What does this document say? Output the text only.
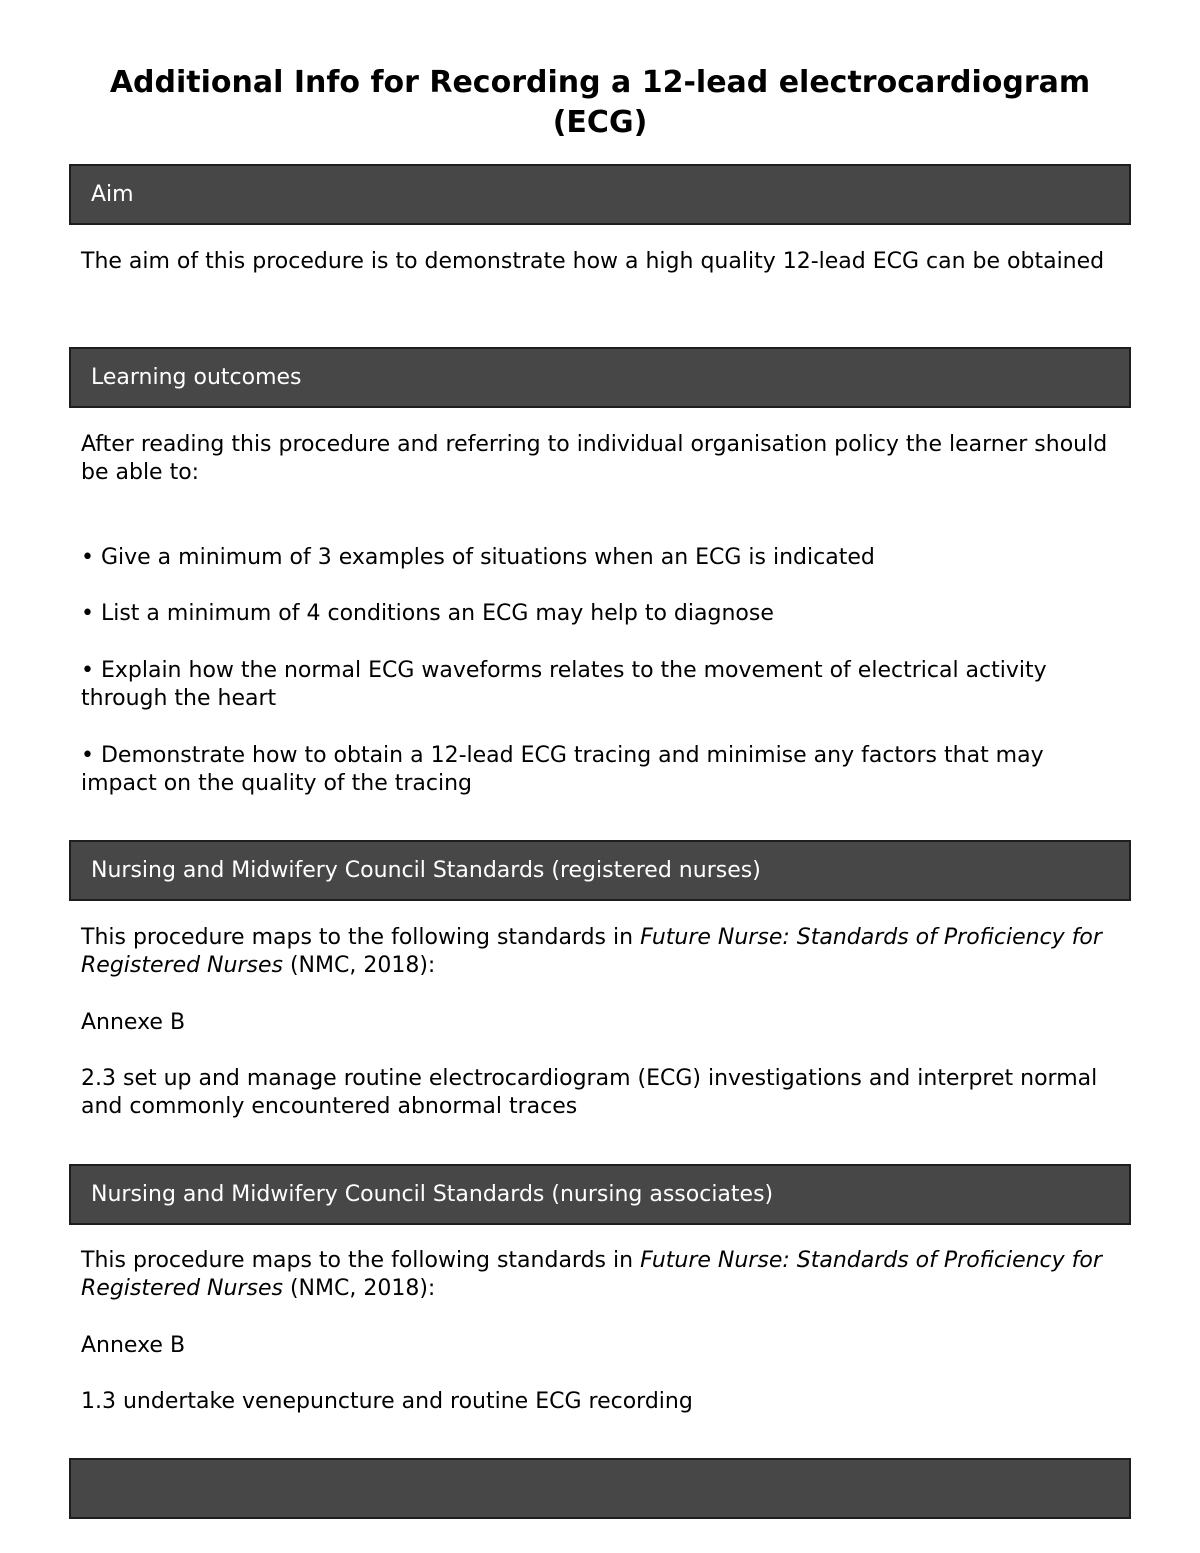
Additional Info for Recording a 12-lead electrocardiogram (ECG)
Aim

The aim of this procedure is to demonstrate how a high quality 12-lead ECG can be obtained

Learning outcomes

After reading this procedure and referring to individual organisation policy the learner should be able to:

• Give a minimum of 3 examples of situations when an ECG is indicated

• List a minimum of 4 conditions an ECG may help to diagnose

• Explain how the normal ECG waveforms relates to the movement of electrical activity through the heart

• Demonstrate how to obtain a 12-lead ECG tracing and minimise any factors that may impact on the quality of the tracing

Nursing and Midwifery Council Standards (registered nurses)

This procedure maps to the following standards in Future Nurse: Standards of Proficiency for Registered Nurses (NMC, 2018):

Annexe B

2.3 set up and manage routine electrocardiogram (ECG) investigations and interpret normal and commonly encountered abnormal traces

Nursing and Midwifery Council Standards (nursing associates)

This procedure maps to the following standards in Future Nurse: Standards of Proficiency for Registered Nurses (NMC, 2018):

Annexe B

1.3 undertake venepuncture and routine ECG recording
